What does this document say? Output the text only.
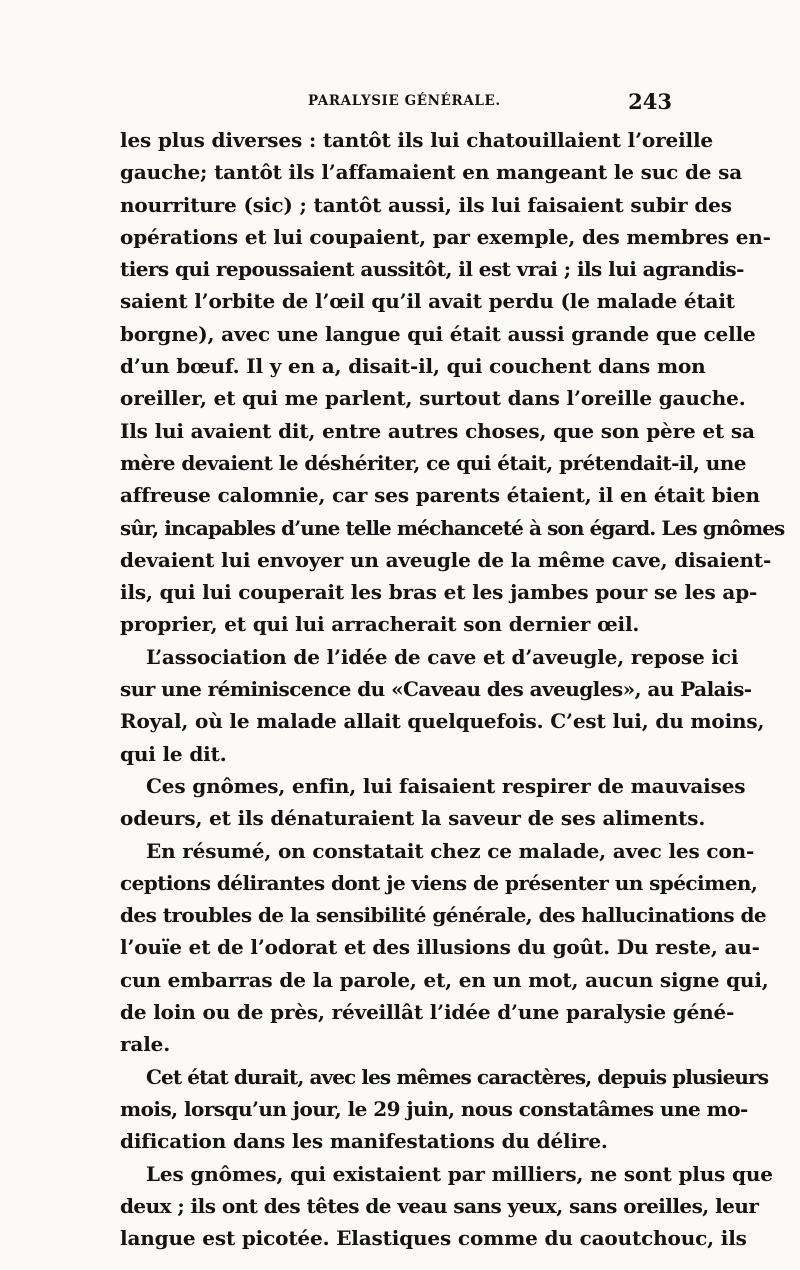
PARALYSIE GÉNÉRALE.	243
les plus diverses : tantôt ils lui chatouillaient l’oreille
gauche; tantôt ils l’affamaient en mangeant le suc de sa
nourriture (sic) ; tantôt aussi, ils lui faisaient subir des
opérations et lui coupaient, par exemple, des membres en-
tiers qui repoussaient aussitôt, il est vrai ; ils lui agrandis-
saient l’orbite de l’œil qu’il avait perdu (le malade était
borgne), avec une langue qui était aussi grande que celle
d’un bœuf. Il y en a, disait-il, qui couchent dans mon
oreiller, et qui me parlent, surtout dans l’oreille gauche.
Ils lui avaient dit, entre autres choses, que son père et sa
mère devaient le déshériter, ce qui était, prétendait-il, une
affreuse calomnie, car ses parents étaient, il en était bien
sûr, incapables d’une telle méchanceté à son égard. Les gnômes
devaient lui envoyer un aveugle de la même cave, disaient-
ils, qui lui couperait les bras et les jambes pour se les ap-
proprier, et qui lui arracherait son dernier œil.
L’association de l’idée de cave et d’aveugle, repose ici
sur une réminiscence du «Caveau des aveugles», au Palais-
Royal, où le malade allait quelquefois. C’est lui, du moins,
qui le dit.
Ces gnômes, enfin, lui faisaient respirer de mauvaises
odeurs, et ils dénaturaient la saveur de ses aliments.
En résumé, on constatait chez ce malade, avec les con-
ceptions délirantes dont je viens de présenter un spécimen,
des troubles de la sensibilité générale, des hallucinations de
l’ouïe et de l’odorat et des illusions du goût. Du reste, au-
cun embarras de la parole, et, en un mot, aucun signe qui,
de loin ou de près, réveillât l’idée d’une paralysie géné-
rale.
Cet état durait, avec les mêmes caractères, depuis plusieurs
mois, lorsqu’un jour, le 29 juin, nous constatâmes une mo-
dification dans les manifestations du délire.
Les gnômes, qui existaient par milliers, ne sont plus que
deux ; ils ont des têtes de veau sans yeux, sans oreilles, leur
langue est picotée. Elastiques comme du caoutchouc, ils
